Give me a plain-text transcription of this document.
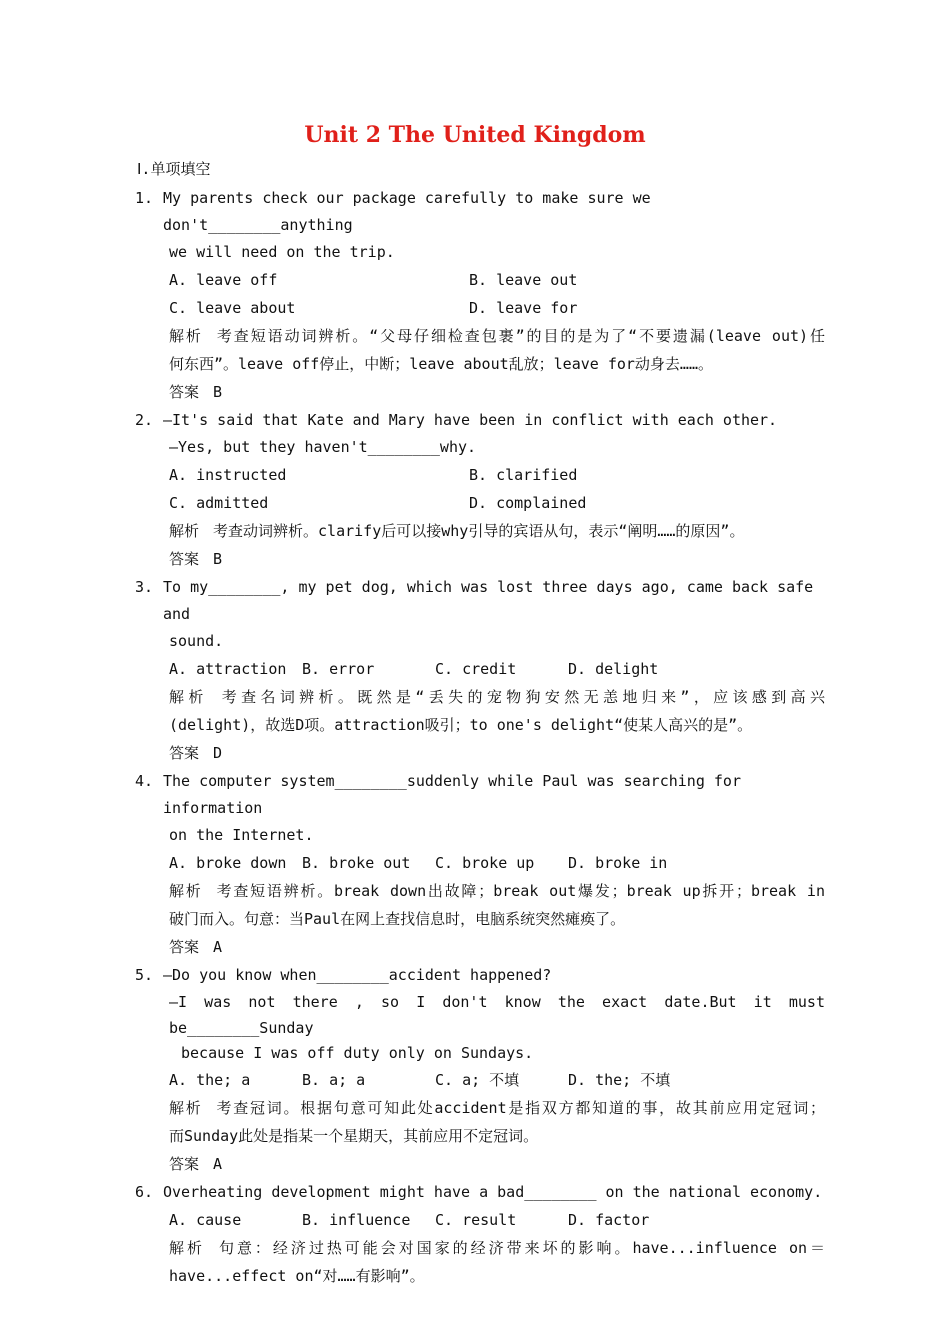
Unit 2 The United Kingdom
Ⅰ.单项填空
1. My parents check our package carefully to make sure we don't________anything
we will need on the trip.
A. leave off	B. leave out
C. leave about	D. leave for
解析 考查短语动词辨析。“父母仔细检查包裹”的目的是为了“不要遗漏(leave out)任
何东西”。leave off停止，中断；leave about乱放；leave for动身去……。
答案 B
2. —It's said that Kate and Mary have been in conflict with each other.
—Yes, but they haven't________why.
A. instructed	B. clarified
C. admitted	D. complained
解析 考查动词辨析。clarify后可以接why引导的宾语从句，表示“阐明……的原因”。
答案 B
3. To my________, my pet dog, which was lost three days ago, came back safe and
sound.
A. attraction	B. error	C. credit	D. delight
解析 考查名词辨析。既然是“丢失的宠物狗安然无恙地归来”，应该感到高兴
(delight)，故选D项。attraction吸引；to one's delight“使某人高兴的是”。
答案 D
4. The computer system________suddenly while Paul was searching for information
on the Internet.
A. broke down	B. broke out	C. broke up	D. broke in
解析 考查短语辨析。break down出故障；break out爆发；break up拆开；break in
破门而入。句意：当Paul在网上查找信息时，电脑系统突然瘫痪了。
答案 A
5. —Do you know when________accident happened?
—I was not there , so I don't know the exact date.But it must
be________Sunday
because I was off duty only on Sundays.
A. the; a	B. a; a	C. a; 不填	D. the; 不填
解析 考查冠词。根据句意可知此处accident是指双方都知道的事，故其前应用定冠词；
而Sunday此处是指某一个星期天，其前应用不定冠词。
答案 A
6. Overheating development might have a bad________ on the national economy.
A. cause	B. influence	C. result	D. factor
解析 句意：经济过热可能会对国家的经济带来坏的影响。have...influence on＝
have...effect on“对……有影响”。
